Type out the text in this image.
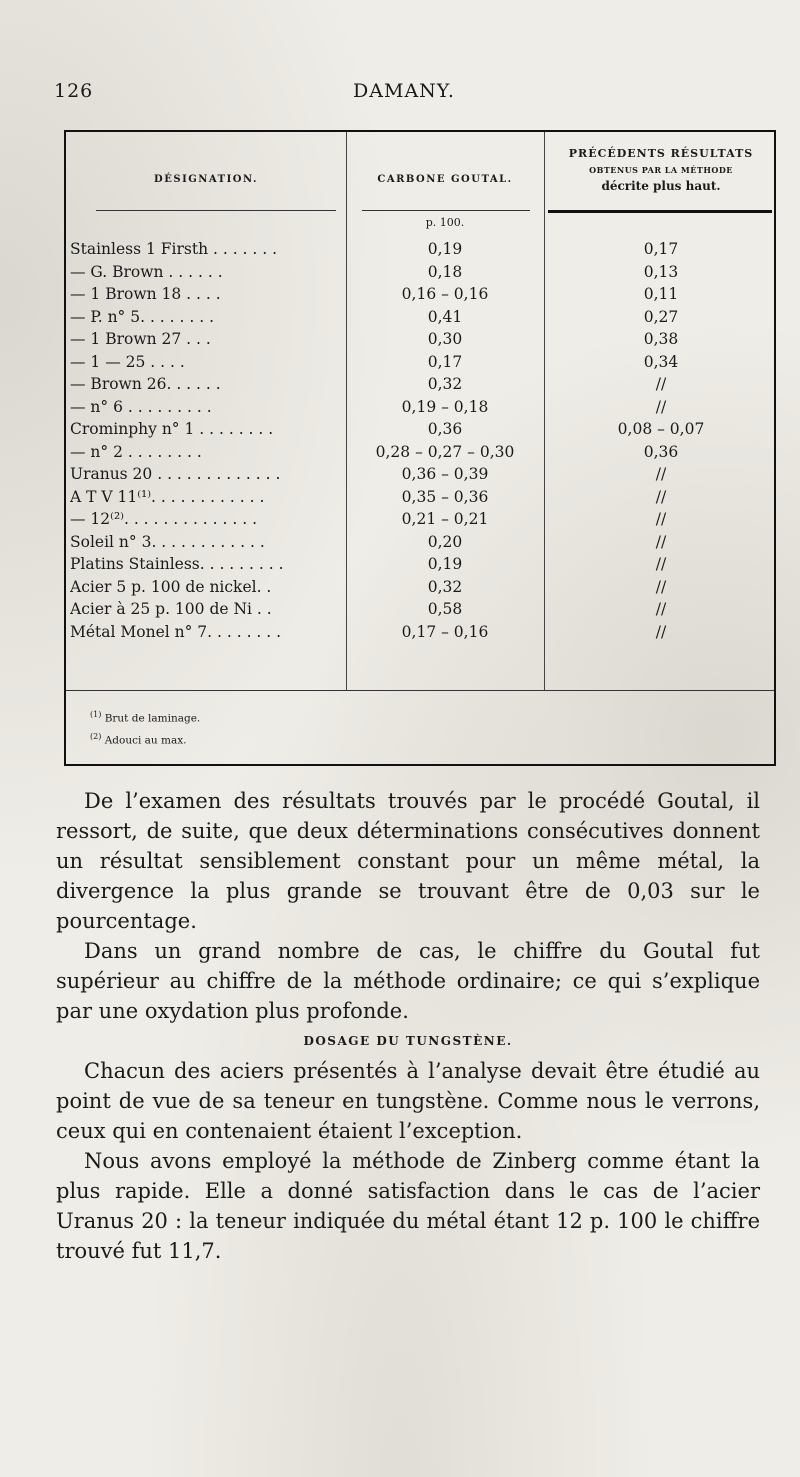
126	DAMANY.
DÉSIGNATION.	CARBONE GOUTAL.
PRÉCÉDENTS RÉSULTATS
OBTENUS PAR LA MÉTHODE
décrite plus haut.
p. 100.
Stainless 1 Firsth . . . . . . .	0,19	0,17
— G. Brown . . . . . .	0,18	0,13
— 1 Brown 18 . . . .	0,16 – 0,16	0,11
— P. n° 5. . . . . . . .	0,41	0,27
— 1 Brown 27 . . .	0,30	0,38
— 1 — 25 . . . .	0,17	0,34
— Brown 26. . . . . .	0,32	//
— n° 6 . . . . . . . . .	0,19 – 0,18	//
Crominphy n° 1 . . . . . . . .	0,36	0,08 – 0,07
— n° 2 . . . . . . . .	0,28 – 0,27 – 0,30	0,36
Uranus 20 . . . . . . . . . . . . .	0,36 – 0,39	//
A T V 11⁽¹⁾. . . . . . . . . . . .	0,35 – 0,36	//
— 12⁽²⁾. . . . . . . . . . . . . .	0,21 – 0,21	//
Soleil n° 3. . . . . . . . . . . .	0,20	//
Platins Stainless. . . . . . . . .	0,19	//
Acier 5 p. 100 de nickel. .	0,32	//
Acier à 25 p. 100 de Ni . .	0,58	//
Métal Monel n° 7. . . . . . . .	0,17 – 0,16	//
$^{(1)}$ Brut de laminage.
$^{(2)}$ Adouci au max.

De l’examen des résultats trouvés par le procédé Goutal, il ressort, de suite, que deux déterminations consécutives donnent un résultat sensiblement constant pour un même métal, la divergence la plus grande se trouvant être de 0,03 sur le pourcentage.

Dans un grand nombre de cas, le chiffre du Goutal fut supérieur au chiffre de la méthode ordinaire; ce qui s’explique par une oxydation plus profonde.

DOSAGE DU TUNGSTÈNE.

Chacun des aciers présentés à l’analyse devait être étudié au point de vue de sa teneur en tungstène. Comme nous le verrons, ceux qui en contenaient étaient l’exception.

Nous avons employé la méthode de Zinberg comme étant la plus rapide. Elle a donné satisfaction dans le cas de l’acier Uranus 20 : la teneur indiquée du métal étant 12 p. 100 le chiffre trouvé fut 11,7.
